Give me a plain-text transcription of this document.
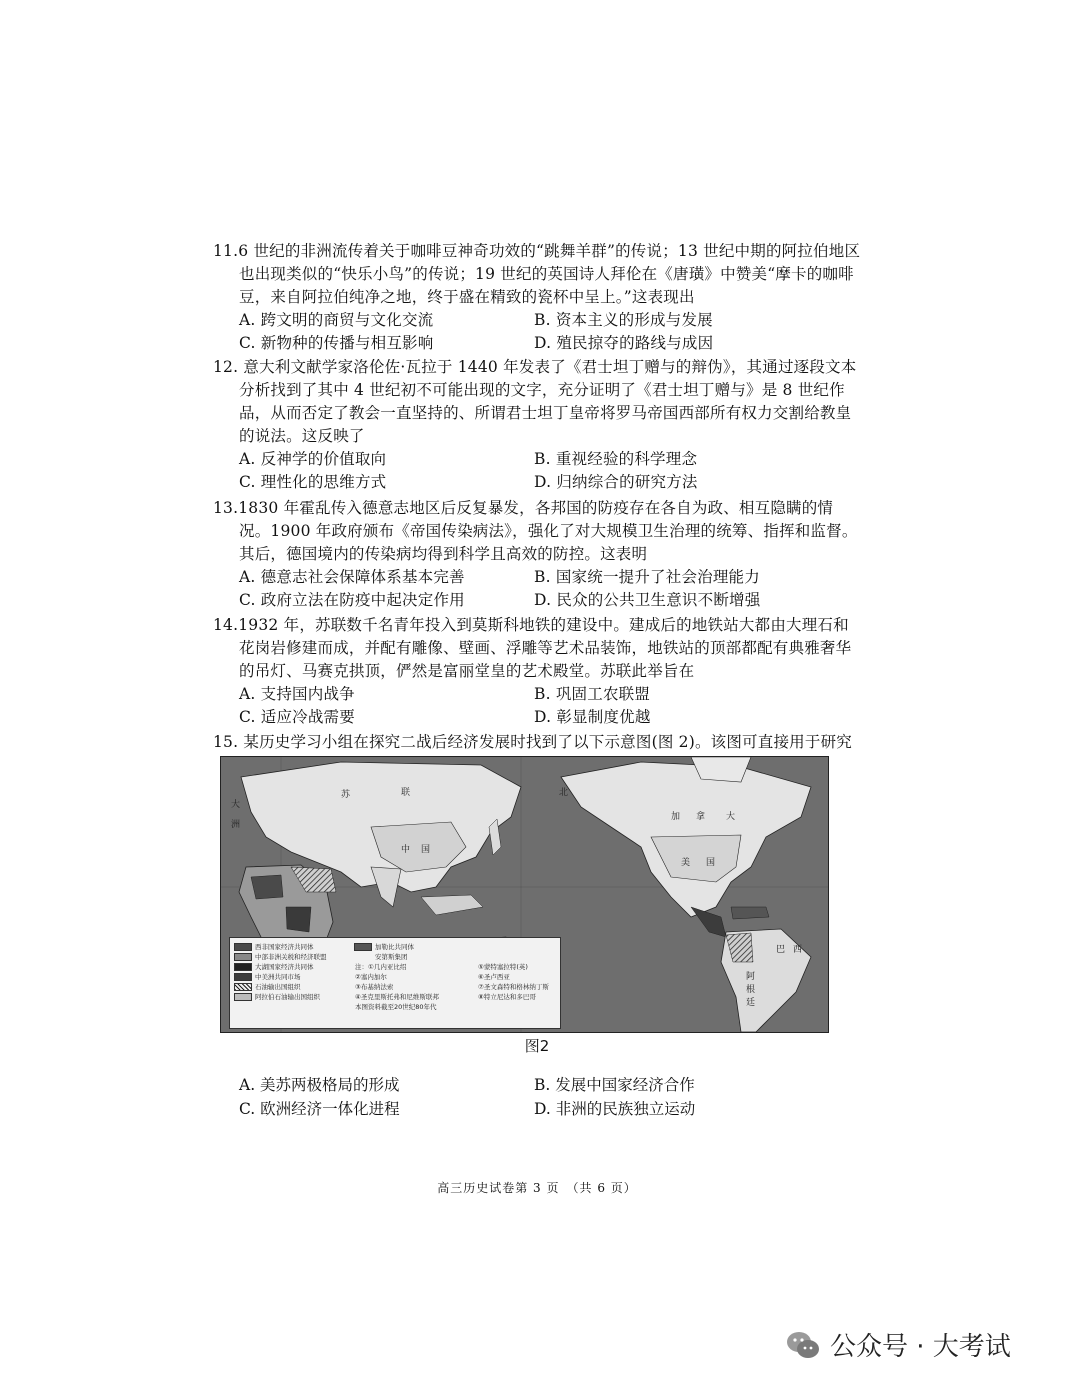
11.6 世纪的非洲流传着关于咖啡豆神奇功效的“跳舞羊群”的传说；13 世纪中期的阿拉伯地区也出现类似的“快乐小鸟”的传说；19 世纪的英国诗人拜伦在《唐璜》中赞美“摩卡的咖啡豆，来自阿拉伯纯净之地，终于盛在精致的瓷杯中呈上。”这表现出

A. 跨文明的商贸与文化交流	B. 资本主义的形成与发展
C. 新物种的传播与相互影响	D. 殖民掠夺的路线与成因

12. 意大利文献学家洛伦佐·瓦拉于 1440 年发表了《君士坦丁赠与的辩伪》，其通过逐段文本分析找到了其中 4 世纪初不可能出现的文字，充分证明了《君士坦丁赠与》是 8 世纪作品，从而否定了教会一直坚持的、所谓君士坦丁皇帝将罗马帝国西部所有权力交割给教皇的说法。这反映了

A. 反神学的价值取向	B. 重视经验的科学理念
C. 理性化的思维方式	D. 归纳综合的研究方法

13.1830 年霍乱传入德意志地区后反复暴发，各邦国的防疫存在各自为政、相互隐瞒的情况。1900 年政府颁布《帝国传染病法》，强化了对大规模卫生治理的统筹、指挥和监督。其后，德国境内的传染病均得到科学且高效的防控。这表明

A. 德意志社会保障体系基本完善	B. 国家统一提升了社会治理能力
C. 政府立法在防疫中起决定作用	D. 民众的公共卫生意识不断增强

14.1932 年，苏联数千名青年投入到莫斯科地铁的建设中。建成后的地铁站大都由大理石和花岗岩修建而成，并配有雕像、壁画、浮雕等艺术品装饰，地铁站的顶部都配有典雅奢华的吊灯、马赛克拱顶，俨然是富丽堂皇的艺术殿堂。苏联此举旨在

A. 支持国内战争	B. 巩固工农联盟
C. 适应冷战需要	D. 彰显制度优越

15. 某历史学习小组在探究二战后经济发展时找到了以下示意图(图 2)。该图可直接用于研究

苏	联
中 国
加 拿 大
美 国
巴 西
阿
根
廷
北
大
洲
西非国家经济共同体
中部非洲关税和经济联盟
大湖国家经济共同体
中美洲共同市场
石油输出国组织
阿拉伯石油输出国组织
加勒比共同体
安第斯集团
注：①几内亚比绍
②塞内加尔
③布基纳法索
④圣克里斯托弗和尼维斯联邦
本图资料截至20世纪80年代
⑤蒙特塞拉特(英)
⑥圣卢西亚
⑦圣文森特和格林纳丁斯
⑧特立尼达和多巴哥
图2
A. 美苏两极格局的形成	B. 发展中国家经济合作
C. 欧洲经济一体化进程	D. 非洲的民族独立运动
高三历史试卷第 3 页　（共 6 页）
公众号 · 大考试
